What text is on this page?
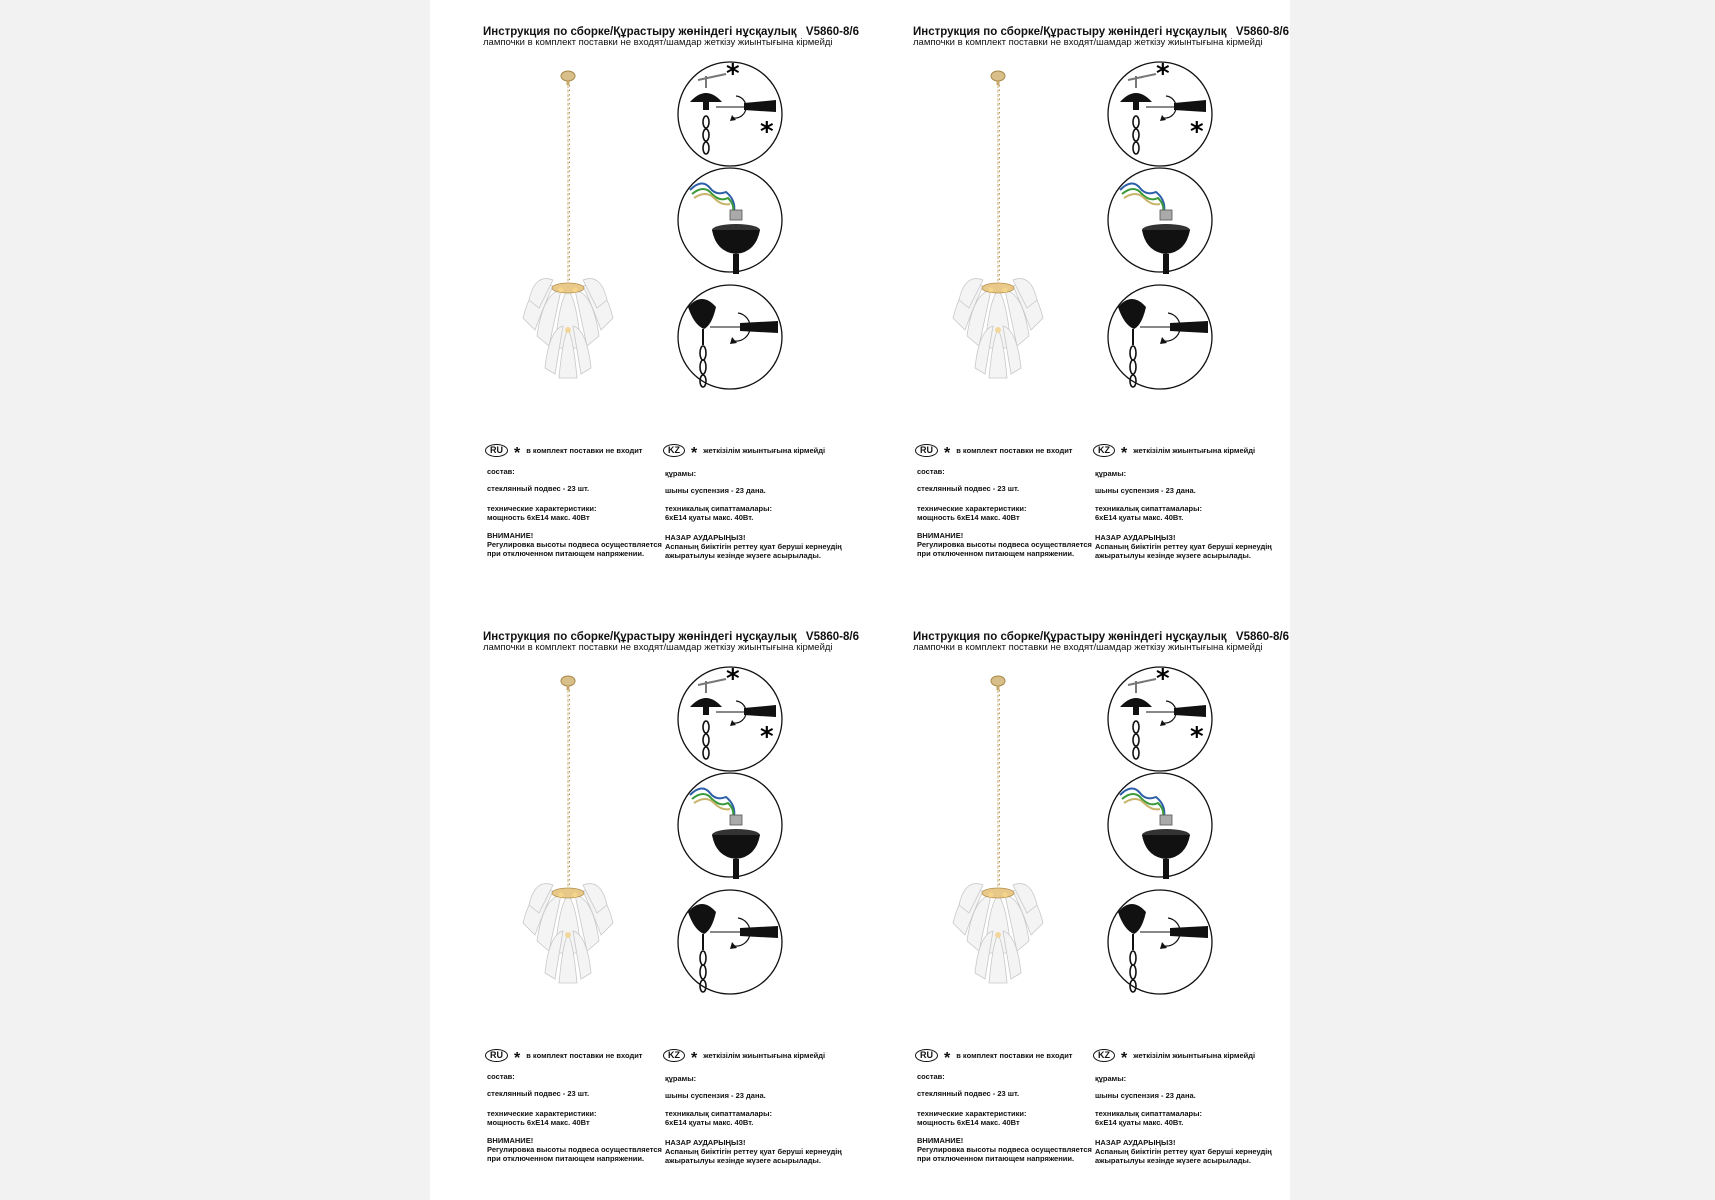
Инструкция по сборке/Құрастыру жөніндегі нұсқаулық V5860-8/6
лампочки в комплект поставки не входят/шамдар жеткізу жиынтығына кірмейді
*
*
RU * в комплект поставки не входит
состав:
стеклянный подвес - 23 шт.
технические характеристики:
мощность 6xE14 макс. 40Вт
ВНИМАНИЕ!
Регулировка высоты подвеса осуществляется
при отключенном питающем напряжении.
KZ * жеткізілім жиынтығына кірмейді
құрамы:
шыны суспензия - 23 дана.
техникалық сипаттамалары:
6xE14 қуаты макс. 40Вт.
НАЗАР АУДАРЫҢЫЗ!
Аспаның биіктігін реттеу қуат беруші кернеудің
ажыратылуы кезінде жүзеге асырылады.
Инструкция по сборке/Құрастыру жөніндегі нұсқаулық V5860-8/6
лампочки в комплект поставки не входят/шамдар жеткізу жиынтығына кірмейді
*
*
RU * в комплект поставки не входит
состав:
стеклянный подвес - 23 шт.
технические характеристики:
мощность 6xE14 макс. 40Вт
ВНИМАНИЕ!
Регулировка высоты подвеса осуществляется
при отключенном питающем напряжении.
KZ * жеткізілім жиынтығына кірмейді
құрамы:
шыны суспензия - 23 дана.
техникалық сипаттамалары:
6xE14 қуаты макс. 40Вт.
НАЗАР АУДАРЫҢЫЗ!
Аспаның биіктігін реттеу қуат беруші кернеудің
ажыратылуы кезінде жүзеге асырылады.
Инструкция по сборке/Құрастыру жөніндегі нұсқаулық V5860-8/6
лампочки в комплект поставки не входят/шамдар жеткізу жиынтығына кірмейді
*
*
RU * в комплект поставки не входит
состав:
стеклянный подвес - 23 шт.
технические характеристики:
мощность 6xE14 макс. 40Вт
ВНИМАНИЕ!
Регулировка высоты подвеса осуществляется
при отключенном питающем напряжении.
KZ * жеткізілім жиынтығына кірмейді
құрамы:
шыны суспензия - 23 дана.
техникалық сипаттамалары:
6xE14 қуаты макс. 40Вт.
НАЗАР АУДАРЫҢЫЗ!
Аспаның биіктігін реттеу қуат беруші кернеудің
ажыратылуы кезінде жүзеге асырылады.
Инструкция по сборке/Құрастыру жөніндегі нұсқаулық V5860-8/6
лампочки в комплект поставки не входят/шамдар жеткізу жиынтығына кірмейді
*
*
RU * в комплект поставки не входит
состав:
стеклянный подвес - 23 шт.
технические характеристики:
мощность 6xE14 макс. 40Вт
ВНИМАНИЕ!
Регулировка высоты подвеса осуществляется
при отключенном питающем напряжении.
KZ * жеткізілім жиынтығына кірмейді
құрамы:
шыны суспензия - 23 дана.
техникалық сипаттамалары:
6xE14 қуаты макс. 40Вт.
НАЗАР АУДАРЫҢЫЗ!
Аспаның биіктігін реттеу қуат беруші кернеудің
ажыратылуы кезінде жүзеге асырылады.
